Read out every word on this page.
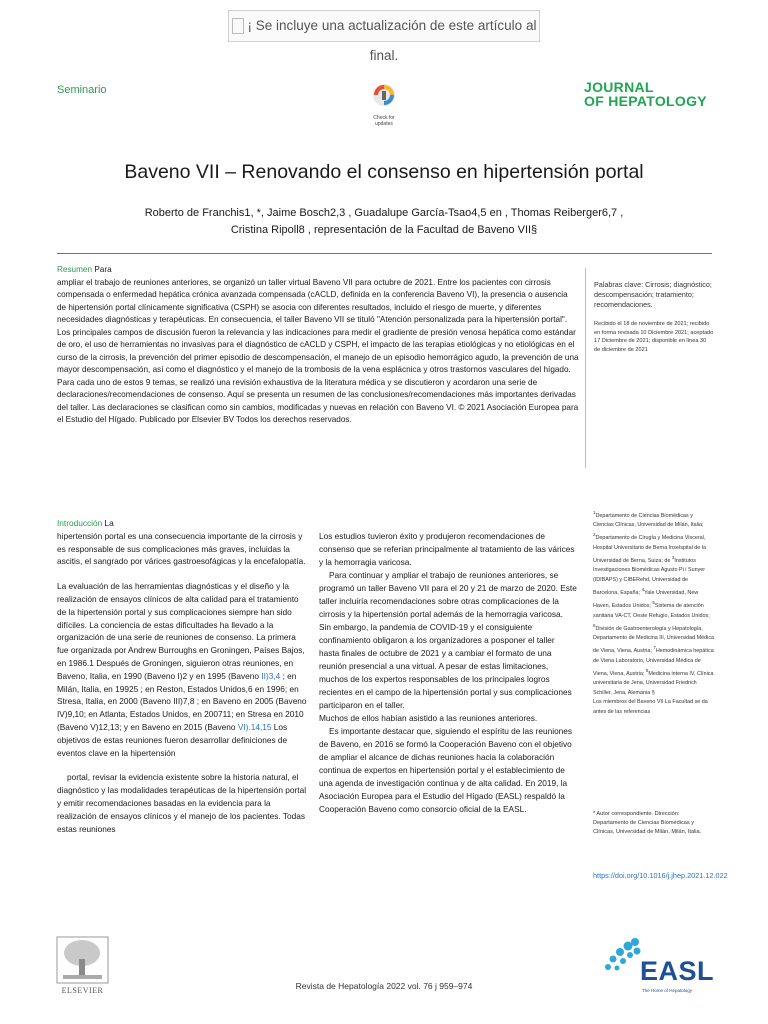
¡ Se incluye una actualización de este artículo al final.
Seminario
Check for updates
JOURNAL
OF HEPATOLOGY
Baveno VII – Renovando el consenso en hipertensión portal
Roberto de Franchis1, *, Jaime Bosch2,3 , Guadalupe García-Tsao4,5 en , Thomas Reiberger6,7 ,
Cristina Ripoll8 , representación de la Facultad de Baveno VII§
Resumen Para
ampliar el trabajo de reuniones anteriores, se organizó un taller virtual Baveno VII para octubre de 2021. Entre los pacientes con cirrosis compensada o enfermedad hepática crónica avanzada compensada (cACLD, definida en la conferencia Baveno VI), la presencia o ausencia de hipertensión portal clínicamente significativa (CSPH) se asocia con diferentes resultados, incluido el riesgo de muerte, y diferentes necesidades diagnósticas y terapéuticas. En consecuencia, el taller Baveno VII se tituló "Atención personalizada para la hipertensión portal". Los principales campos de discusión fueron la relevancia y las indicaciones para medir el gradiente de presión venosa hepática como estándar de oro, el uso de herramientas no invasivas para el diagnóstico de cACLD y CSPH, el impacto de las terapias etiológicas y no etiológicas en el curso de la cirrosis, la prevención del primer episodio de descompensación, el manejo de un episodio hemorrágico agudo, la prevención de una mayor descompensación, así como el diagnóstico y el manejo de la trombosis de la vena esplácnica y otros trastornos vasculares del hígado. Para cada uno de estos 9 temas, se realizó una revisión exhaustiva de la literatura médica y se discutieron y acordaron una serie de declaraciones/recomendaciones de consenso. Aquí se presenta un resumen de las conclusiones/recomendaciones más importantes derivadas del taller. Las declaraciones se clasifican como sin cambios, modificadas y nuevas en relación con Baveno VI. © 2021 Asociación Europea para el Estudio del Hígado. Publicado por Elsevier BV Todos los derechos reservados.
Palabras clave: Cirrosis; diagnóstico; descompensación; tratamiento; recomendaciones.
Recibido el 18 de noviembre de 2021; recibido en forma revisada 10 Diciembre 2021; aceptado 17 Diciembre de 2021; disponible en línea 30 de diciembre de 2021
Introducción La

hipertensión portal es una consecuencia importante de la cirrosis y es responsable de sus complicaciones más graves, incluidas la ascitis, el sangrado por várices gastroesofágicas y la encefalopatía.

La evaluación de las herramientas diagnósticas y el diseño y la realización de ensayos clínicos de alta calidad para el tratamiento de la hipertensión portal y sus complicaciones siempre han sido difíciles. La conciencia de estas dificultades ha llevado a la organización de una serie de reuniones de consenso. La primera fue organizada por Andrew Burroughs en Groningen, Países Bajos, en 1986.1 Después de Groningen, siguieron otras reuniones, en Baveno, Italia, en 1990 (Baveno I)2 y en 1995 (Baveno II)3,4 ; en Milán, Italia, en 19925 ; en Reston, Estados Unidos,6 en 1996; en Stresa, Italia, en 2000 (Baveno III)7,8 ; en Baveno en 2005 (Baveno IV)9,10; en Atlanta, Estados Unidos, en 200711; en Stresa en 2010 (Baveno V)12,13; y en Baveno en 2015 (Baveno VI).14,15 Los objetivos de estas reuniones fueron desarrollar definiciones de eventos clave en la hipertensión

portal, revisar la evidencia existente sobre la historia natural, el diagnóstico y las modalidades terapéuticas de la hipertensión portal y emitir recomendaciones basadas en la evidencia para la realización de ensayos clínicos y el manejo de los pacientes. Todas estas reuniones

Los estudios tuvieron éxito y produjeron recomendaciones de consenso que se referían principalmente al tratamiento de las várices y la hemorragia varicosa.

Para continuar y ampliar el trabajo de reuniones anteriores, se programó un taller Baveno VII para el 20 y 21 de marzo de 2020. Este taller incluiría recomendaciones sobre otras complicaciones de la cirrosis y la hipertensión portal además de la hemorragia varicosa. Sin embargo, la pandemia de COVID-19 y el consiguiente confinamiento obligaron a los organizadores a posponer el taller hasta finales de octubre de 2021 y a cambiar el formato de una reunión presencial a una virtual. A pesar de estas limitaciones, muchos de los expertos responsables de los principales logros recientes en el campo de la hipertensión portal y sus complicaciones participaron en el taller.

Muchos de ellos habían asistido a las reuniones anteriores.

Es importante destacar que, siguiendo el espíritu de las reuniones de Baveno, en 2016 se formó la Cooperación Baveno con el objetivo de ampliar el alcance de dichas reuniones hacia la colaboración continua de expertos en hipertensión portal y el establecimiento de una agenda de investigación continua y de alta calidad. En 2019, la Asociación Europea para el Estudio del Hígado (EASL) respaldó la Cooperación Baveno como consorcio oficial de la EASL.

$^1$Departamento de Ciencias Biomédicas y Ciencias Clínicas, Universidad de Milán, Italia; $^2$Departamento de Cirugía y Medicina Visceral, Hospital Universitario de Berna Inselspital de la Universidad de Berna, Suiza; de $^3$Institutos Investigaciones Biomédicas Agusto Pi i Sunyer (IDIBAPS) y CIBERehd, Universidad de Barcelona, España; $^4$Yale Universidad, New Haven, Estados Unidos; $^5$Sistema de atención sanitaria VA-CT, Oeste Refugio, Estados Unidos; $^6$División de Gastroenterología y Hepatología, Departamento de Medicina III, Universidad Médica de Viena, Viena, Austria; $^7$Hemodinámica hepática de Viena Laboratorio, Universidad Médica de Viena, Viena, Austria; $^8$Medicina interna IV, Clínica universitaria de Jena, Universidad Friedrich Schiller, Jena, Alemania §
Los miembros del Baveno VII La Facultad se da antes de las referencias
* Autor correspondiente. Dirección: Departamento de Ciencias Biomédicas y Clínicas, Universidad de Milán, Milán, Italia.
https://doi.org/10.1016/j.jhep.2021.12.022
ELSEVIER	Revista de Hepatología 2022 vol. 76 j 959–974	EASL
The Home of Hepatology
